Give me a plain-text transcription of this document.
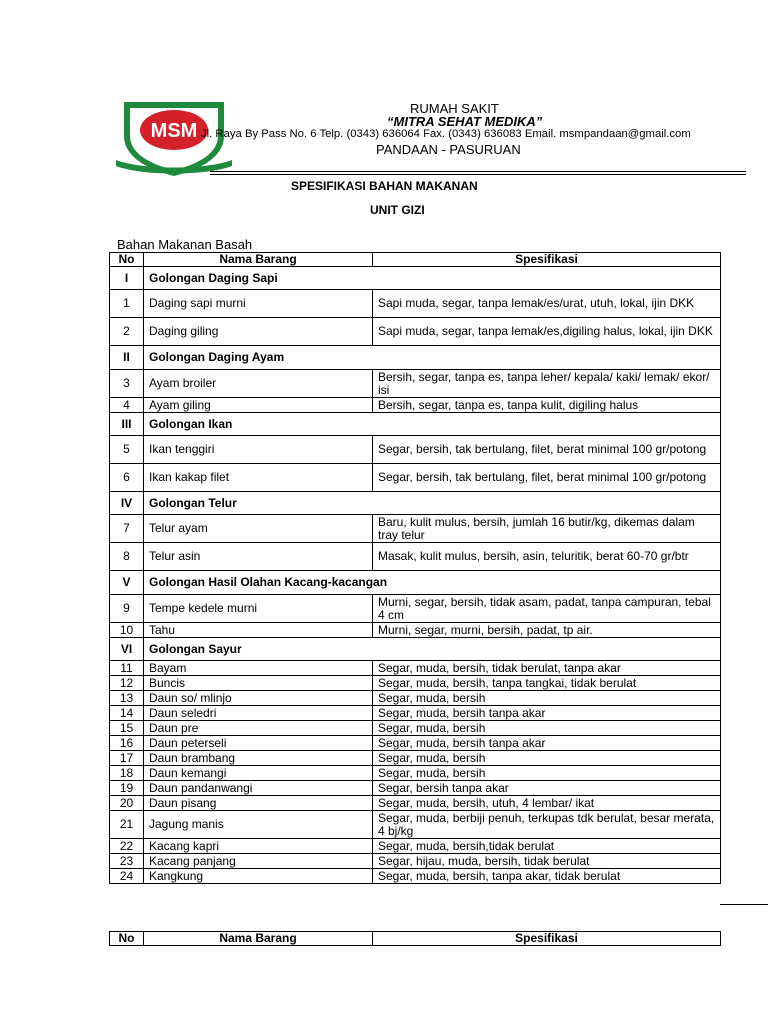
MSM
RUMAH SAKIT
“MITRA SEHAT MEDIKA”
Jl. Raya By Pass No. 6 Telp. (0343) 636064 Fax. (0343) 636083 Email. msmpandaan@gmail.com
PANDAAN - PASURUAN
SPESIFIKASI BAHAN MAKANAN
UNIT GIZI
Bahan Makanan Basah
No	Nama Barang	Spesifikasi
I	Golongan Daging Sapi	
1	Daging sapi murni	Sapi muda, segar, tanpa lemak/es/urat, utuh, lokal, ijin DKK
2	Daging giling	Sapi muda, segar, tanpa lemak/es,digiling halus, lokal, ijin DKK
II	Golongan Daging Ayam	
3	Ayam broiler	Bersih, segar, tanpa es, tanpa leher/ kepala/ kaki/ lemak/ ekor/ isi
4	Ayam giling	Bersih, segar, tanpa es, tanpa kulit, digiling halus
III	Golongan Ikan	
5	Ikan tenggiri	Segar, bersih, tak bertulang, filet, berat minimal 100 gr/potong
6	Ikan kakap filet	Segar, bersih, tak bertulang, filet, berat minimal 100 gr/potong
IV	Golongan Telur	
7	Telur ayam	Baru, kulit mulus, bersih, jumlah 16 butir/kg, dikemas dalam tray telur
8	Telur asin	Masak, kulit mulus, bersih, asin, teluritik, berat 60-70 gr/btr
V	Golongan Hasil Olahan Kacang-kacangan	
9	Tempe kedele murni	Murni, segar, bersih, tidak asam, padat, tanpa campuran, tebal 4 cm
10	Tahu	Murni, segar, murni, bersih, padat, tp air.
VI	Golongan Sayur	
11	Bayam	Segar, muda, bersih, tidak berulat, tanpa akar
12	Buncis	Segar, muda, bersih, tanpa tangkai, tidak berulat
13	Daun so/ mlinjo	Segar, muda, bersih
14	Daun seledri	Segar, muda, bersih tanpa akar
15	Daun pre	Segar, muda, bersih
16	Daun peterseli	Segar, muda, bersih tanpa akar
17	Daun brambang	Segar, muda, bersih
18	Daun kemangi	Segar, muda, bersih
19	Daun pandanwangi	Segar, bersih tanpa akar
20	Daun pisang	Segar, muda, bersih, utuh, 4 lembar/ ikat
21	Jagung manis	Segar, muda, berbiji penuh, terkupas tdk berulat, besar merata, 4 bj/kg
22	Kacang kapri	Segar, muda, bersih,tidak berulat
23	Kacang panjang	Segar, hijau, muda, bersih, tidak berulat
24	Kangkung	Segar, muda, bersih, tanpa akar, tidak berulat
No	Nama Barang	Spesifikasi
